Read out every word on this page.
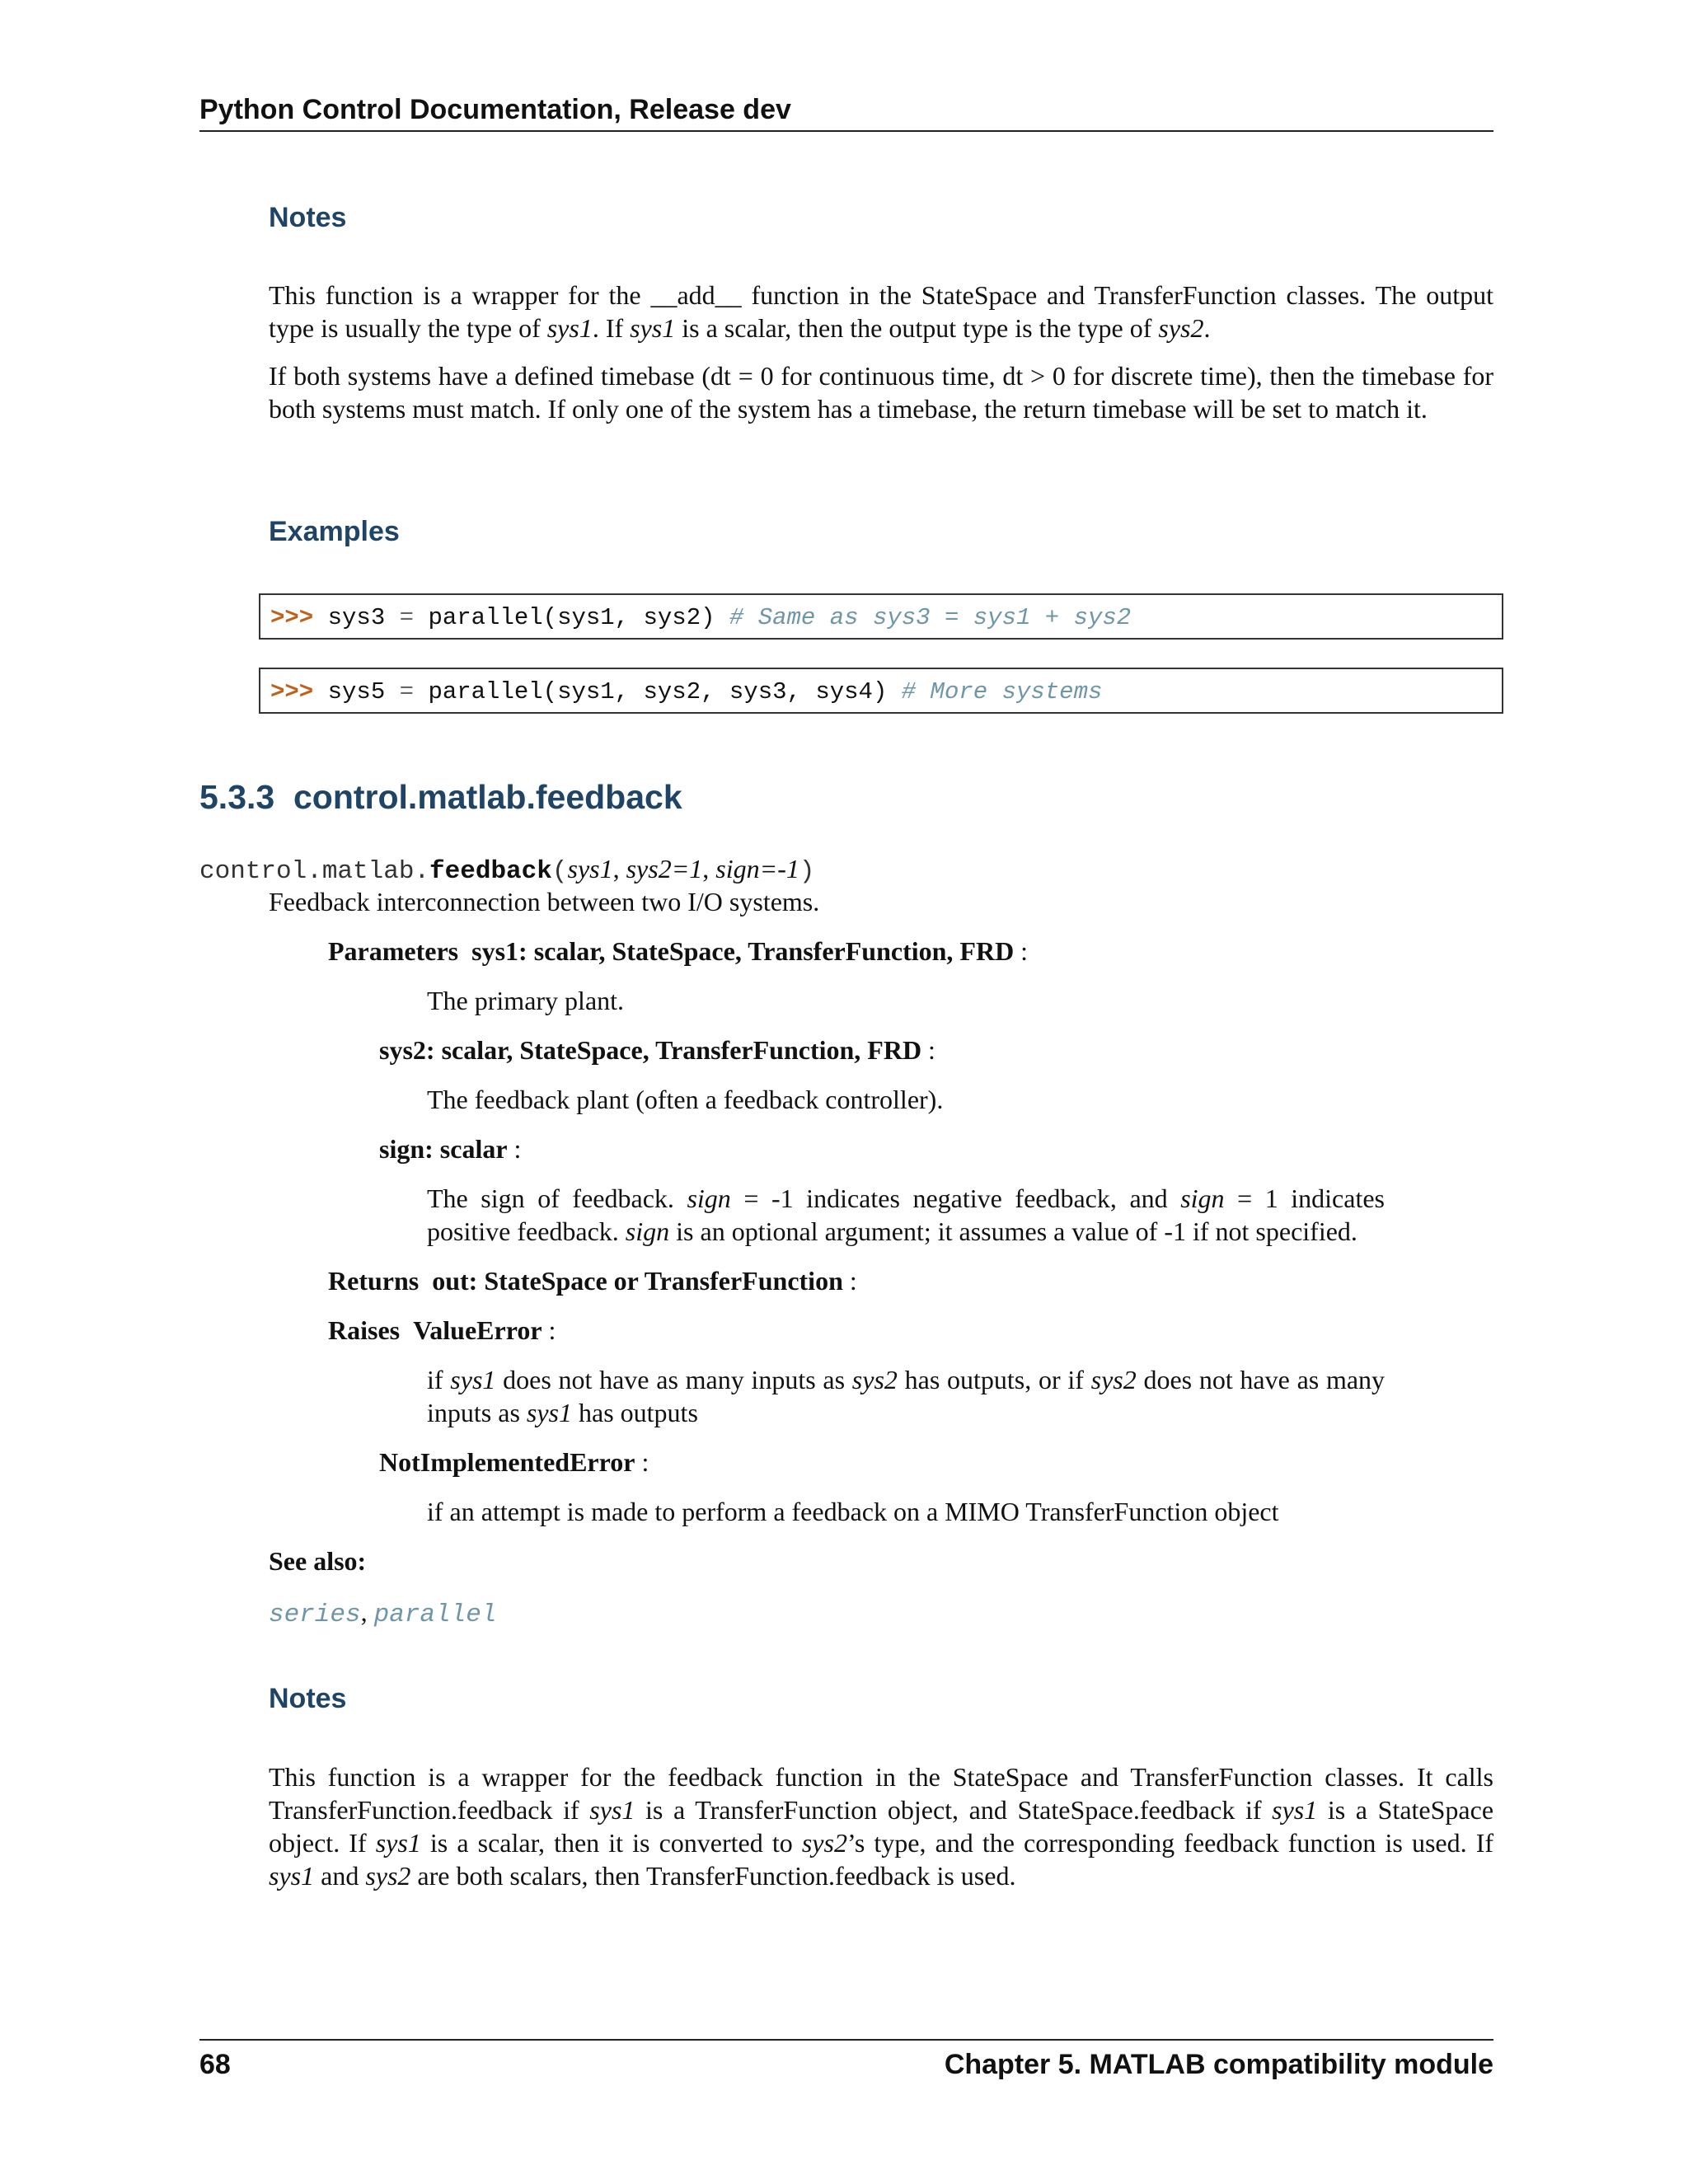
Python Control Documentation, Release dev
Notes

This function is a wrapper for the __add__ function in the StateSpace and TransferFunction classes. The output type is usually the type of sys1. If sys1 is a scalar, then the output type is the type of sys2.

If both systems have a defined timebase (dt = 0 for continuous time, dt > 0 for discrete time), then the timebase for both systems must match. If only one of the system has a timebase, the return timebase will be set to match it.

Examples
>>> sys3 = parallel(sys1, sys2) # Same as sys3 = sys1 + sys2
>>> sys5 = parallel(sys1, sys2, sys3, sys4) # More systems
5.3.3 control.matlab.feedback
control.matlab.feedback(sys1, sys2=1, sign=-1)
Feedback interconnection between two I/O systems.
Parameters sys1: scalar, StateSpace, TransferFunction, FRD :
The primary plant.
sys2: scalar, StateSpace, TransferFunction, FRD :
The feedback plant (often a feedback controller).
sign: scalar :
The sign of feedback. sign = -1 indicates negative feedback, and sign = 1 indicates positive feedback. sign is an optional argument; it assumes a value of -1 if not specified.
Returns out: StateSpace or TransferFunction :
Raises ValueError :
if sys1 does not have as many inputs as sys2 has outputs, or if sys2 does not have as many inputs as sys1 has outputs
NotImplementedError :
if an attempt is made to perform a feedback on a MIMO TransferFunction object
See also:
series, parallel
Notes
This function is a wrapper for the feedback function in the StateSpace and TransferFunction classes. It calls TransferFunction.feedback if sys1 is a TransferFunction object, and StateSpace.feedback if sys1 is a StateSpace object. If sys1 is a scalar, then it is converted to sys2’s type, and the corresponding feedback function is used. If sys1 and sys2 are both scalars, then TransferFunction.feedback is used.
68	Chapter 5. MATLAB compatibility module
